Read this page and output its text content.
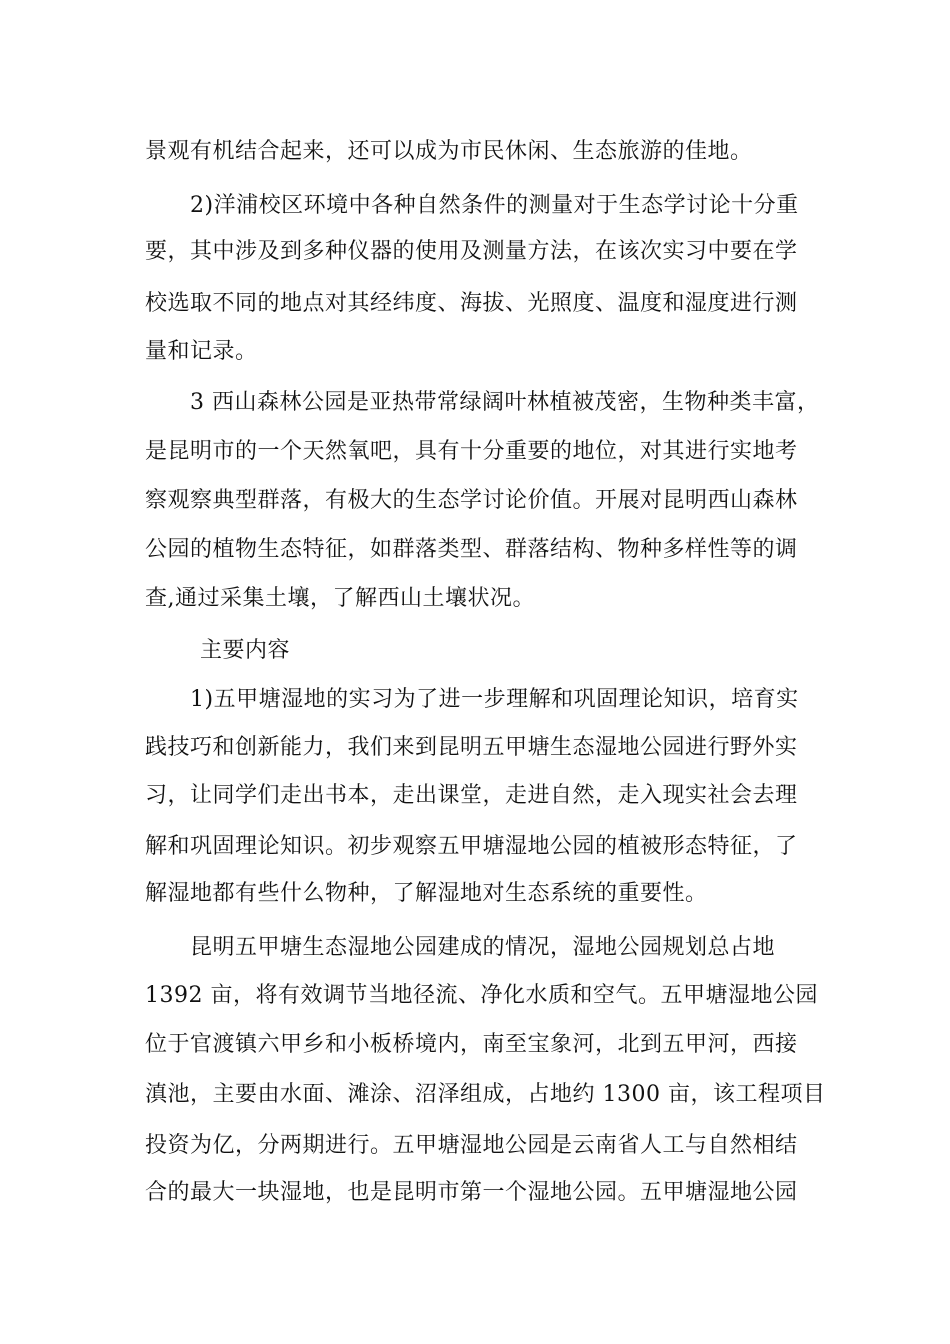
景观有机结合起来，还可以成为市民休闲、生态旅游的佳地。
2)洋浦校区环境中各种自然条件的测量对于生态学讨论十分重
要，其中涉及到多种仪器的使用及测量方法，在该次实习中要在学
校选取不同的地点对其经纬度、海拔、光照度、温度和湿度进行测
量和记录。
3 西山森林公园是亚热带常绿阔叶林植被茂密，生物种类丰富，
是昆明市的一个天然氧吧，具有十分重要的地位，对其进行实地考
察观察典型群落，有极大的生态学讨论价值。开展对昆明西山森林
公园的植物生态特征，如群落类型、群落结构、物种多样性等的调
查,通过采集土壤，了解西山土壤状况。
主要内容
1)五甲塘湿地的实习为了进一步理解和巩固理论知识，培育实
践技巧和创新能力，我们来到昆明五甲塘生态湿地公园进行野外实
习，让同学们走出书本，走出课堂，走进自然，走入现实社会去理
解和巩固理论知识。初步观察五甲塘湿地公园的植被形态特征，了
解湿地都有些什么物种，了解湿地对生态系统的重要性。
昆明五甲塘生态湿地公园建成的情况，湿地公园规划总占地
1392 亩，将有效调节当地径流、净化水质和空气。五甲塘湿地公园
位于官渡镇六甲乡和小板桥境内，南至宝象河，北到五甲河，西接
滇池，主要由水面、滩涂、沼泽组成，占地约 1300 亩，该工程项目
投资为亿，分两期进行。五甲塘湿地公园是云南省人工与自然相结
合的最大一块湿地，也是昆明市第一个湿地公园。五甲塘湿地公园
